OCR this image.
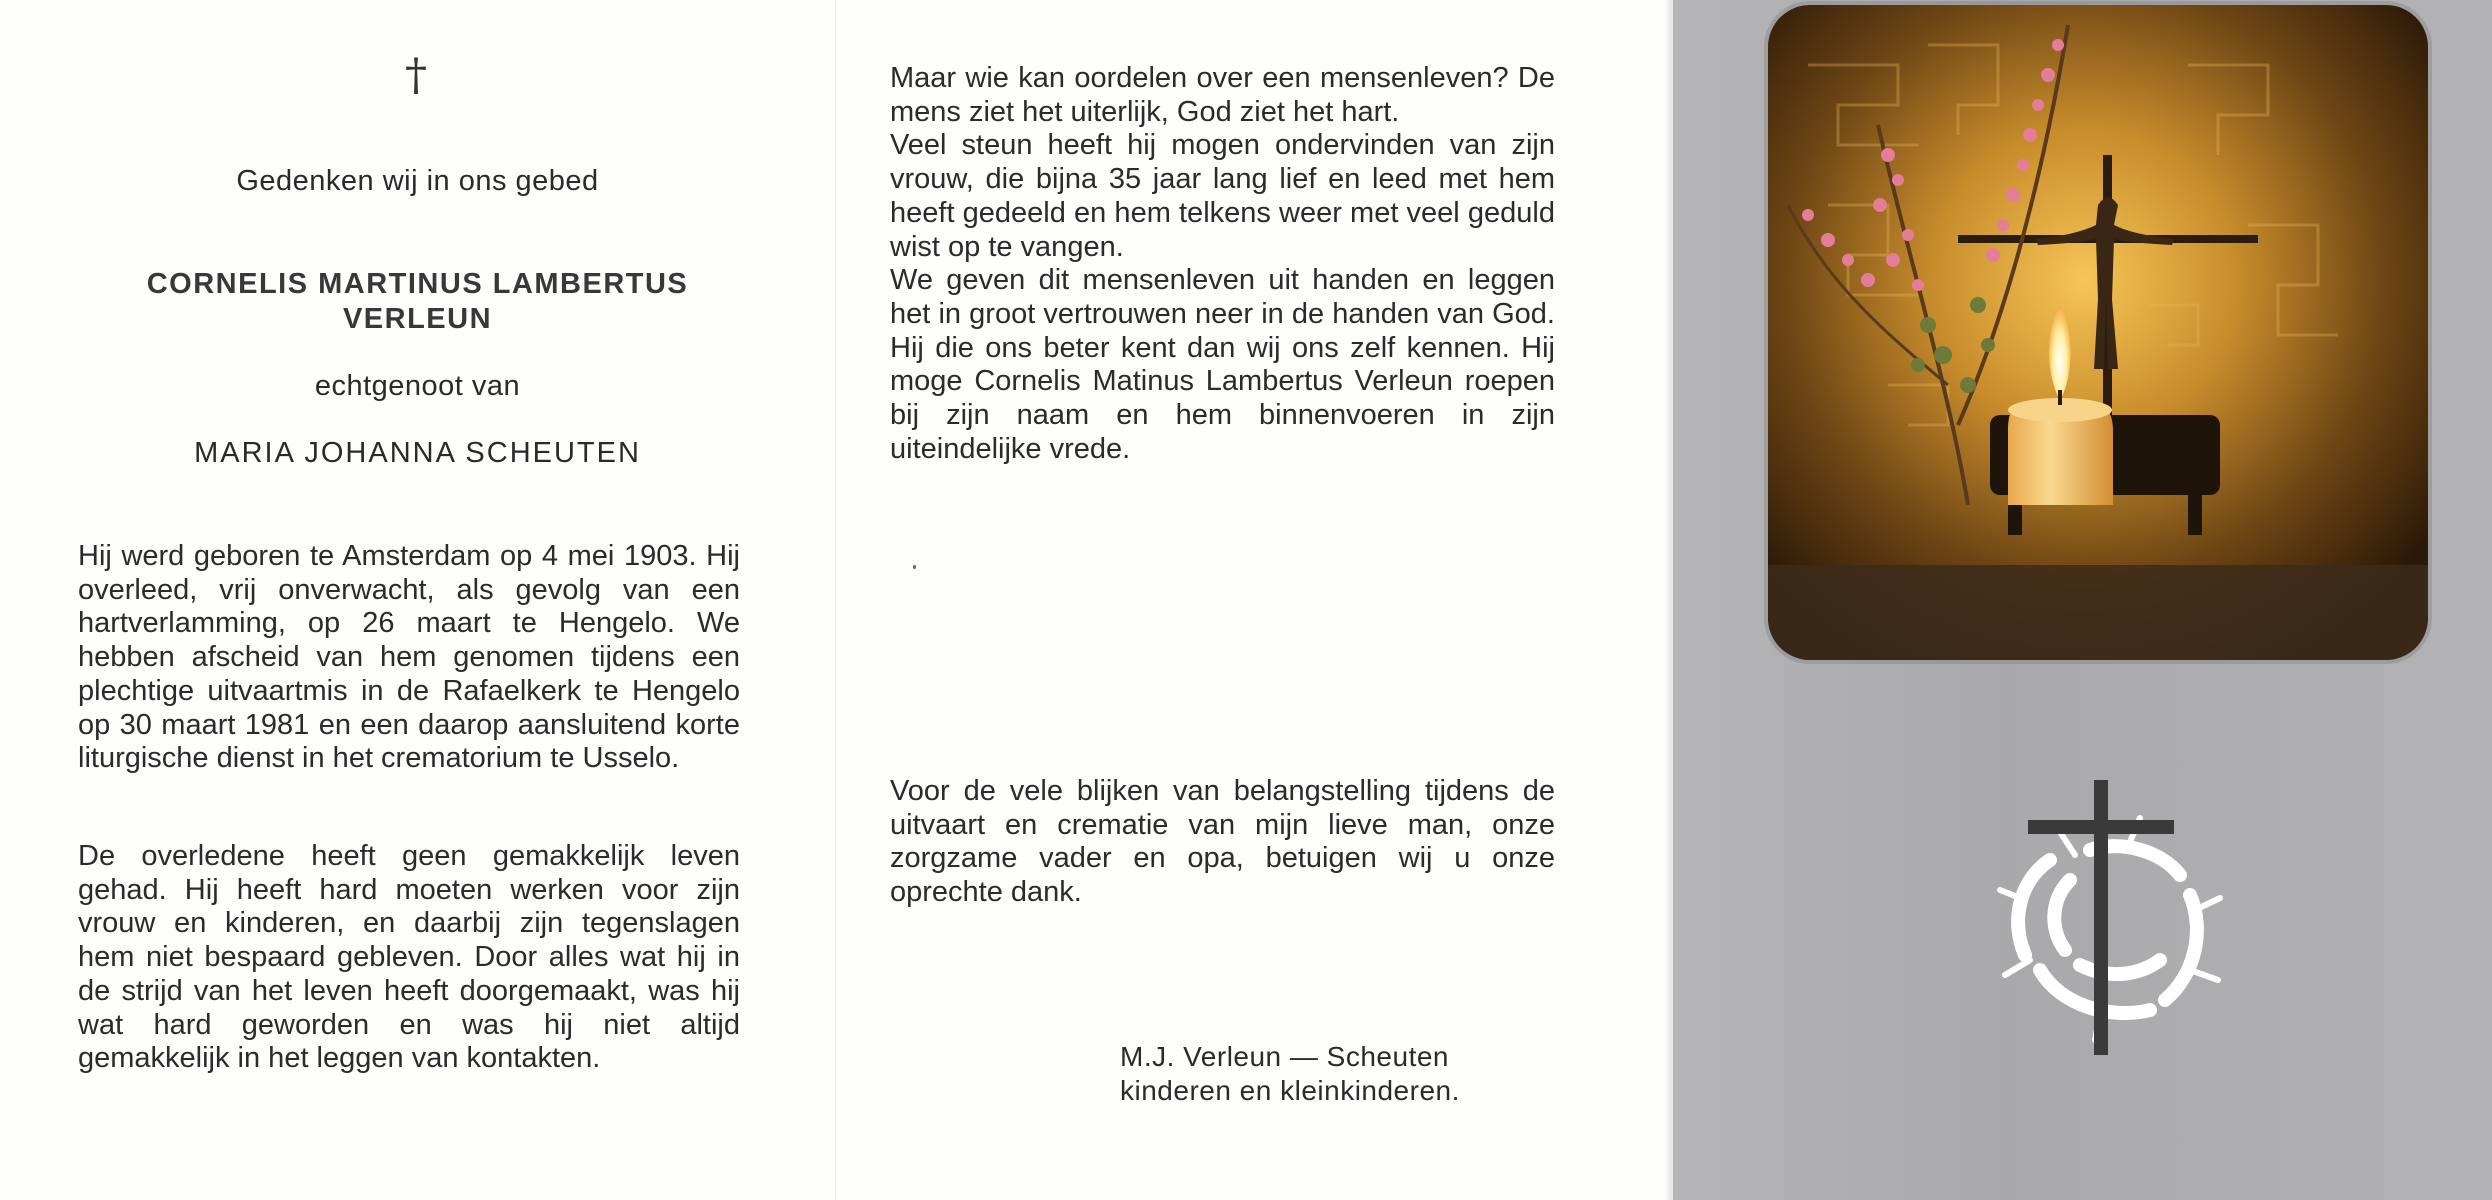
†
Gedenken wij in ons gebed
CORNELIS MARTINUS LAMBERTUS
VERLEUN
echtgenoot van
MARIA JOHANNA SCHEUTEN

Hij werd geboren te Amsterdam op 4 mei 1903. Hij overleed, vrij onverwacht, als gevolg van een hartverlamming, op 26 maart te Hengelo. We hebben afscheid van hem genomen tijdens een plechtige uitvaartmis in de Rafaelkerk te Hengelo op 30 maart 1981 en een daarop aansluitend korte liturgische dienst in het crematorium te Usselo.

De overledene heeft geen gemakkelijk leven gehad. Hij heeft hard moeten werken voor zijn vrouw en kinderen, en daarbij zijn tegenslagen hem niet bespaard gebleven. Door alles wat hij in de strijd van het leven heeft doorgemaakt, was hij wat hard geworden en was hij niet altijd gemakkelijk in het leggen van kontakten.

Maar wie kan oordelen over een mensenleven? De mens ziet het uiterlijk, God ziet het hart.
Veel steun heeft hij mogen ondervinden van zijn vrouw, die bijna 35 jaar lang lief en leed met hem heeft gedeeld en hem telkens weer met veel geduld wist op te vangen.
We geven dit mensenleven uit handen en leggen het in groot vertrouwen neer in de handen van God. Hij die ons beter kent dan wij ons zelf kennen. Hij moge Cornelis Matinus Lambertus Verleun roepen bij zijn naam en hem binnenvoeren in zijn uiteindelijke vrede.

Voor de vele blijken van belangstelling tijdens de uitvaart en crematie van mijn lieve man, onze zorgzame vader en opa, betuigen wij u onze oprechte dank.

M.J. Verleun — Scheuten
kinderen en kleinkinderen.
